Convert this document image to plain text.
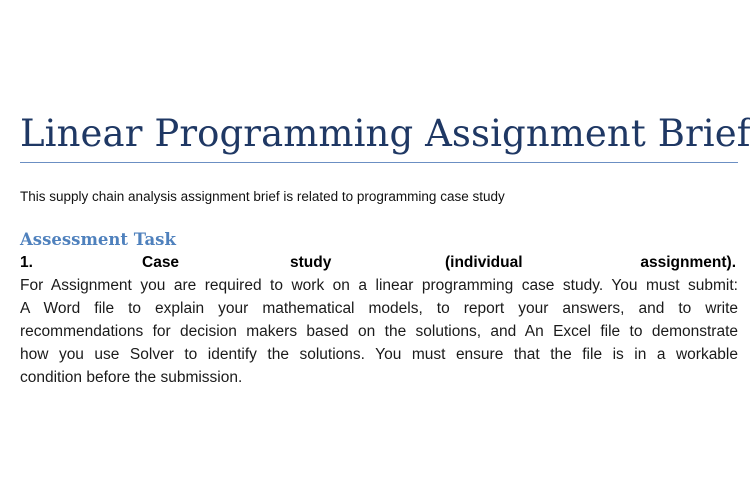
Linear Programming Assignment Brief

This supply chain analysis assignment brief is related to programming case study

Assessment Task
1.	Case	study	(individual	assignment).
For Assignment you are required to work on a linear programming case study. You must submit:
A Word file to explain your mathematical models, to report your answers, and to write
recommendations for decision makers based on the solutions, and An Excel file to demonstrate
how you use Solver to identify the solutions. You must ensure that the file is in a workable
condition before the submission.
